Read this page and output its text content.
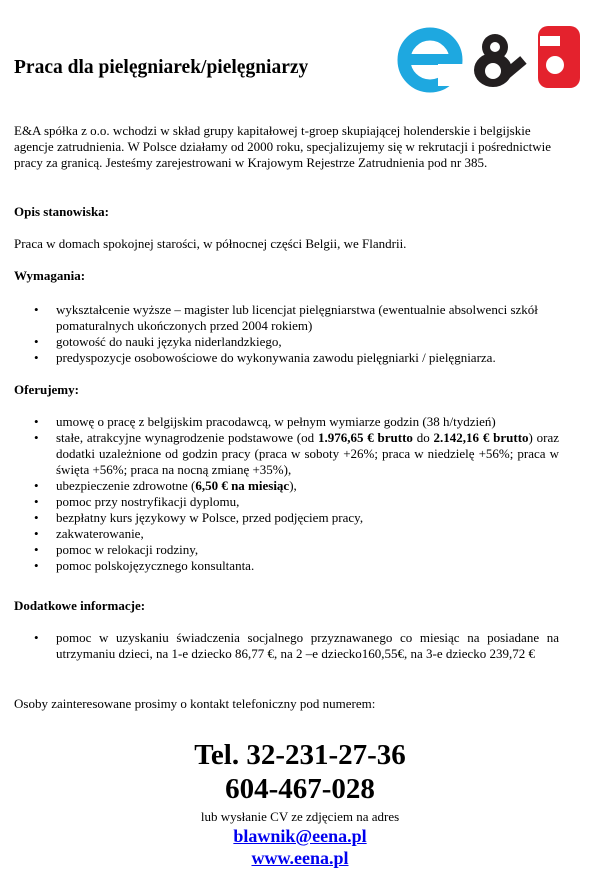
Praca dla pielęgniarek/pielęgniarzy
E&A spółka z o.o. wchodzi w skład grupy kapitałowej t-groep skupiającej holenderskie i belgijskie agencje zatrudnienia. W Polsce działamy od 2000 roku, specjalizujemy się w rekrutacji i pośrednictwie pracy za granicą. Jesteśmy zarejestrowani w Krajowym Rejestrze Zatrudnienia pod nr 385.
Opis stanowiska:
Praca w domach spokojnej starości, w północnej części Belgii, we Flandrii.
Wymagania:
• wykształcenie wyższe – magister lub licencjat pielęgniarstwa (ewentualnie absolwenci szkół pomaturalnych ukończonych przed 2004 rokiem)
• gotowość do nauki języka niderlandzkiego,
• predyspozycje osobowościowe do wykonywania zawodu pielęgniarki / pielęgniarza.
Oferujemy:
• umowę o pracę z belgijskim pracodawcą, w pełnym wymiarze godzin (38 h/tydzień)
• stałe, atrakcyjne wynagrodzenie podstawowe (od 1.976,65 € brutto do 2.142,16 € brutto) oraz dodatki uzależnione od godzin pracy (praca w soboty +26%; praca w niedzielę +56%; praca w święta +56%; praca na nocną zmianę +35%),
• ubezpieczenie zdrowotne (6,50 € na miesiąc),
• pomoc przy nostryfikacji dyplomu,
• bezpłatny kurs językowy w Polsce, przed podjęciem pracy,
• zakwaterowanie,
• pomoc w relokacji rodziny,
• pomoc polskojęzycznego konsultanta.
Dodatkowe informacje:
• pomoc w uzyskaniu świadczenia socjalnego przyznawanego co miesiąc na posiadane na utrzymaniu dzieci, na 1-e dziecko 86,77 €, na 2 –e dziecko160,55€, na 3-e dziecko 239,72 €
Osoby zainteresowane prosimy o kontakt telefoniczny pod numerem:
Tel. 32-231-27-36
604-467-028
lub wysłanie CV ze zdjęciem na adres
blawnik@eena.pl
www.eena.pl
